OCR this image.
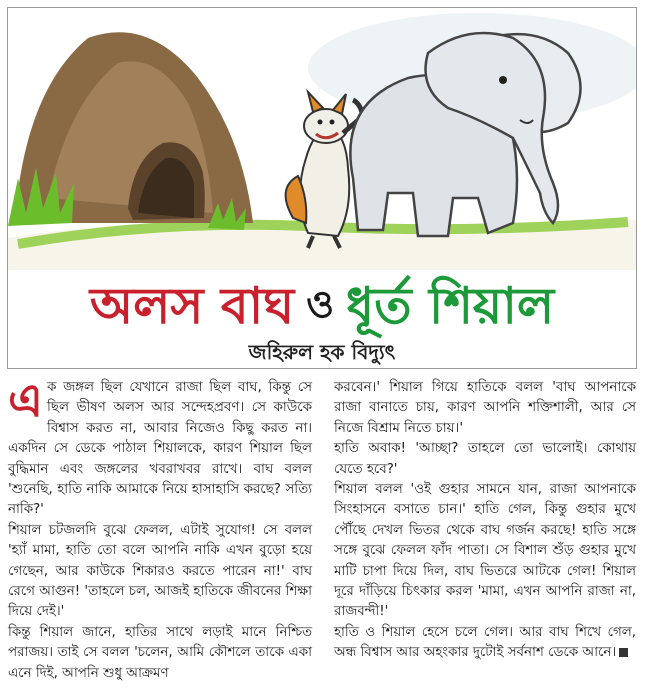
অলস বাঘ ও ধূর্ত শিয়াল
জহিরুল হক বিদ্যুৎ

এক জঙ্গল ছিল যেখানে রাজা ছিল বাঘ, কিন্তু সে ছিল ভীষণ অলস আর সন্দেহপ্রবণ। সে কাউকে বিশ্বাস করত না, আবার নিজেও কিছু করত না। একদিন সে ডেকে পাঠাল শিয়ালকে, কারণ শিয়াল ছিল বুদ্ধিমান এবং জঙ্গলের খবরাখবর রাখে। বাঘ বলল 'শুনেছি, হাতি নাকি আমাকে নিয়ে হাসাহাসি করছে? সত্যি নাকি?'

শিয়াল চটজলদি বুঝে ফেলল, এটাই সুযোগ! সে বলল 'হ্যাঁ মামা, হাতি তো বলে আপনি নাকি এখন বুড়ো হয়ে গেছেন, আর কাউকে শিকারও করতে পারেন না!' বাঘ রেগে আগুন! 'তাহলে চল, আজই হাতিকে জীবনের শিক্ষা দিয়ে দেই।'

কিন্তু শিয়াল জানে, হাতির সাথে লড়াই মানে নিশ্চিত পরাজয়। তাই সে বলল 'চলেন, আমি কৌশলে তাকে একা এনে দিই, আপনি শুধু আক্রমণ

করবেন।' শিয়াল গিয়ে হাতিকে বলল 'বাঘ আপনাকে রাজা বানাতে চায়, কারণ আপনি শক্তিশালী, আর সে নিজে বিশ্রাম নিতে চায়।'

হাতি অবাক! 'আচ্ছা? তাহলে তো ভালোই। কোথায় যেতে হবে?'

শিয়াল বলল 'ওই গুহার সামনে যান, রাজা আপনাকে সিংহাসনে বসাতে চান।' হাতি গেল, কিন্তু গুহার মুখে পৌঁছে দেখল ভিতর থেকে বাঘ গর্জন করছে! হাতি সঙ্গে সঙ্গে বুঝে ফেলল ফাঁদ পাতা। সে বিশাল শুঁড় গুহার মুখে মাটি চাপা দিয়ে দিল, বাঘ ভিতরে আটকে গেল! শিয়াল দূরে দাঁড়িয়ে চিৎকার করল 'মামা, এখন আপনি রাজা না, রাজবন্দী!'

হাতি ও শিয়াল হেসে চলে গেল। আর বাঘ শিখে গেল, অন্ধ বিশ্বাস আর অহংকার দুটোই সর্বনাশ ডেকে আনে।
